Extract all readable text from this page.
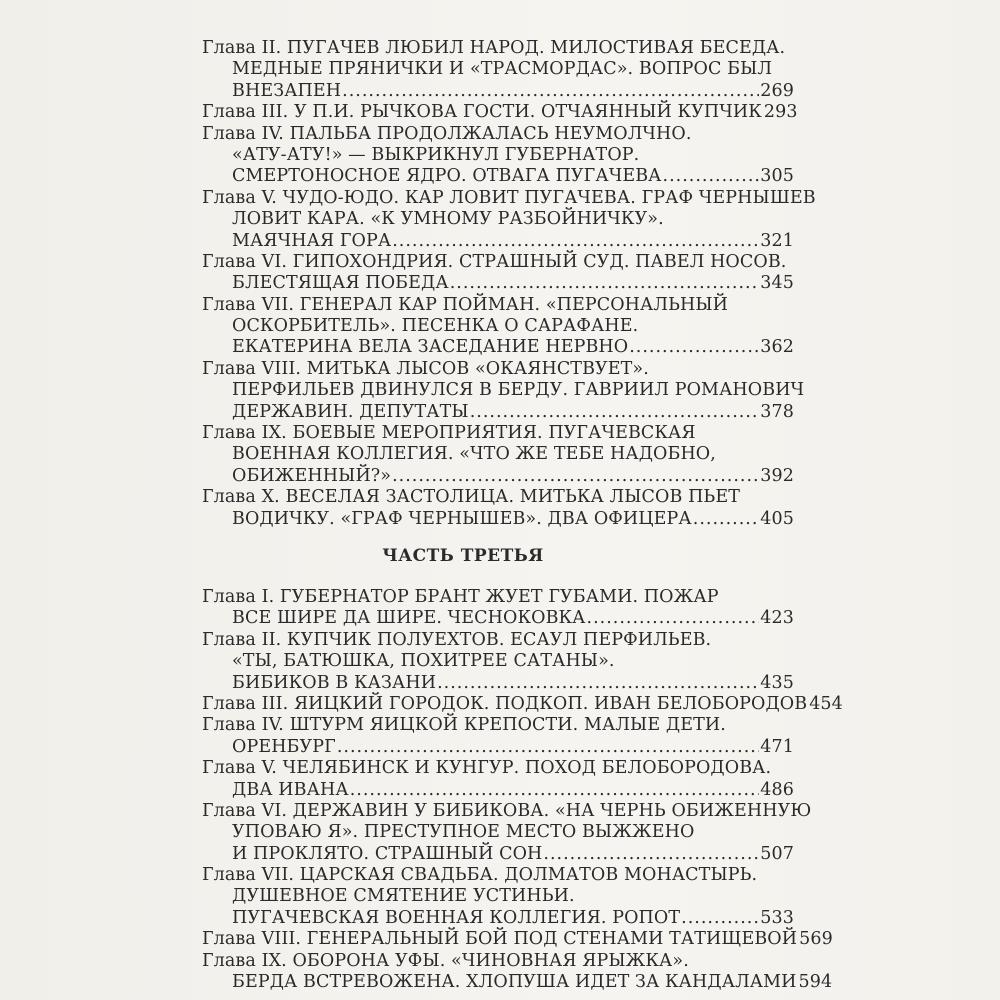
Глава II. ПУГАЧЕВ ЛЮБИЛ НАРОД. МИЛОСТИВАЯ БЕСЕДА.
МЕДНЫЕ ПРЯНИЧКИ И «ТРАСМОРДАС». ВОПРОС БЫЛ
ВНЕЗАПЕН .....	269
Глава III. У П.И. РЫЧКОВА ГОСТИ. ОТЧАЯННЫЙ КУПЧИК 293
Глава IV. ПАЛЬБА ПРОДОЛЖАЛАСЬ НЕУМОЛЧНО.
«АТУ-АТУ!» — ВЫКРИКНУЛ ГУБЕРНАТОР.
СМЕРТОНОСНОЕ ЯДРО. ОТВАГА ПУГАЧЕВА .....	305
Глава V. ЧУДО-ЮДО. КАР ЛОВИТ ПУГАЧЕВА. ГРАФ ЧЕРНЫШЕВ
ЛОВИТ КАРА. «К УМНОМУ РАЗБОЙНИЧКУ».
МАЯЧНАЯ ГОРА .....	321
Глава VI. ГИПОХОНДРИЯ. СТРАШНЫЙ СУД. ПАВЕЛ НОСОВ.
БЛЕСТЯЩАЯ ПОБЕДА .....	345
Глава VII. ГЕНЕРАЛ КАР ПОЙМАН. «ПЕРСОНАЛЬНЫЙ
ОСКОРБИТЕЛЬ». ПЕСЕНКА О САРАФАНЕ.
ЕКАТЕРИНА ВЕЛА ЗАСЕДАНИЕ НЕРВНО .....	362
Глава VIII. МИТЬКА ЛЫСОВ «ОКАЯНСТВУЕТ».
ПЕРФИЛЬЕВ ДВИНУЛСЯ В БЕРДУ. ГАВРИИЛ РОМАНОВИЧ
ДЕРЖАВИН. ДЕПУТАТЫ .....	378
Глава IX. БОЕВЫЕ МЕРОПРИЯТИЯ. ПУГАЧЕВСКАЯ
ВОЕННАЯ КОЛЛЕГИЯ. «ЧТО ЖЕ ТЕБЕ НАДОБНО,
ОБИЖЕННЫЙ?» .....	392
Глава X. ВЕСЕЛАЯ ЗАСТОЛИЦА. МИТЬКА ЛЫСОВ ПЬЕТ
ВОДИЧКУ. «ГРАФ ЧЕРНЫШЕВ». ДВА ОФИЦЕРА .....	405
ЧАСТЬ ТРЕТЬЯ
Глава I. ГУБЕРНАТОР БРАНТ ЖУЕТ ГУБАМИ. ПОЖАР
ВСЕ ШИРЕ ДА ШИРЕ. ЧЕСНОКОВКА .....	423
Глава II. КУПЧИК ПОЛУЕХТОВ. ЕСАУЛ ПЕРФИЛЬЕВ.
«ТЫ, БАТЮШКА, ПОХИТРЕЕ САТАНЫ».
БИБИКОВ В КАЗАНИ .....	435
Глава III. ЯИЦКИЙ ГОРОДОК. ПОДКОП. ИВАН БЕЛОБОРОДОВ 454
Глава IV. ШТУРМ ЯИЦКОЙ КРЕПОСТИ. МАЛЫЕ ДЕТИ.
ОРЕНБУРГ .....	471
Глава V. ЧЕЛЯБИНСК И КУНГУР. ПОХОД БЕЛОБОРОДОВА.
ДВА ИВАНА .....	486
Глава VI. ДЕРЖАВИН У БИБИКОВА. «НА ЧЕРНЬ ОБИЖЕННУЮ
УПОВАЮ Я». ПРЕСТУПНОЕ МЕСТО ВЫЖЖЕНО
И ПРОКЛЯТО. СТРАШНЫЙ СОН .....	507
Глава VII. ЦАРСКАЯ СВАДЬБА. ДОЛМАТОВ МОНАСТЫРЬ.
ДУШЕВНОЕ СМЯТЕНИЕ УСТИНЬИ.
ПУГАЧЕВСКАЯ ВОЕННАЯ КОЛЛЕГИЯ. РОПОТ .....	533
Глава VIII. ГЕНЕРАЛЬНЫЙ БОЙ ПОД СТЕНАМИ ТАТИЩЕВОЙ 569
Глава IX. ОБОРОНА УФЫ. «ЧИНОВНАЯ ЯРЫЖКА».
БЕРДА ВСТРЕВОЖЕНА. ХЛОПУША ИДЕТ ЗА КАНДАЛАМИ 594
